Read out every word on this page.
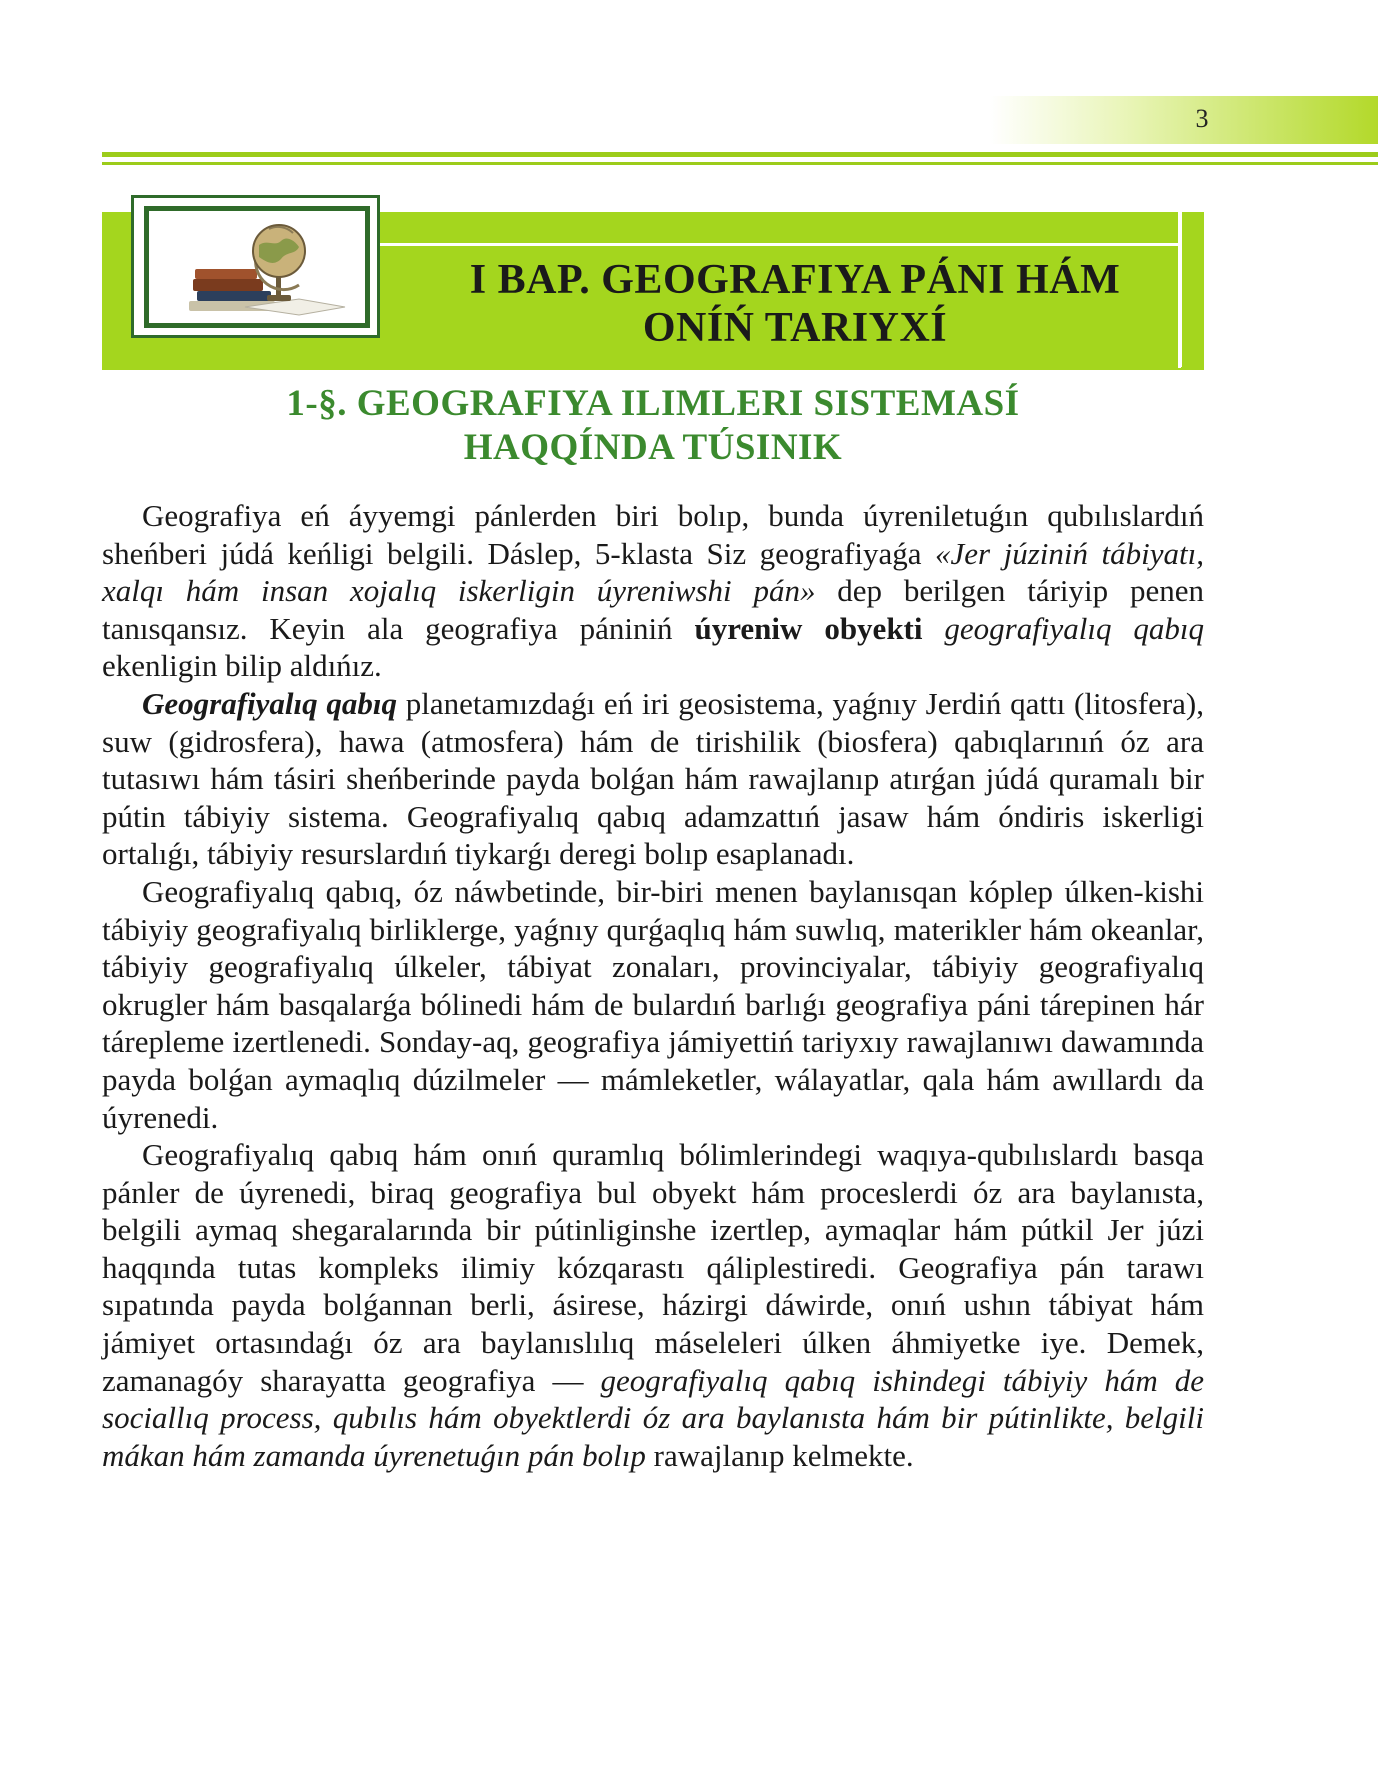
3
I BAP. GEOGRAFIYA PÁNI HÁM
ONÍŃ TARIYXÍ
1-§. GEOGRAFIYA ILIMLERI SISTEMASÍ
HAQQÍNDA TÚSINIK

Geografiya eń áyyemgi pánlerden biri bolıp, bunda úyreniletuǵın qubılıslardıń sheńberi júdá keńligi belgili. Dáslep, 5-klasta Siz geografiyaǵa «Jer júziniń tábiyatı, xalqı hám insan xojalıq iskerligin úyreniwshi pán» dep berilgen táriyip penen tanısqansız. Keyin ala geografiya pániniń úyreniw obyekti geografiyalıq qabıq ekenligin bilip aldıńız.

Geografiyalıq qabıq planetamızdaǵı eń iri geosistema, yaǵnıy Jerdiń qattı (litosfera), suw (gidrosfera), hawa (atmosfera) hám de tirishilik (biosfera) qabıqlarınıń óz ara tutasıwı hám tásiri sheńberinde payda bolǵan hám rawajlanıp atırǵan júdá quramalı bir pútin tábiyiy sistema. Geografiyalıq qabıq adamzattıń jasaw hám óndiris iskerligi ortalıǵı, tábiyiy resurslardıń tiykarǵı deregi bolıp esaplanadı.

Geografiyalıq qabıq, óz náwbetinde, bir-biri menen baylanısqan kóplep úlken-kishi tábiyiy geografiyalıq birliklerge, yaǵnıy qurǵaqlıq hám suwlıq, materikler hám okeanlar, tábiyiy geografiyalıq úlkeler, tábiyat zonaları, provinciyalar, tábiyiy geografiyalıq okrugler hám basqalarǵa bólinedi hám de bulardıń barlıǵı geografiya páni tárepinen hár tárepleme izertlenedi. Sonday-aq, geografiya jámiyettiń tariyxıy rawajlanıwı dawamında payda bolǵan aymaqlıq dúzilmeler — mámleketler, wálayatlar, qala hám awıllardı da úyrenedi.

Geografiyalıq qabıq hám onıń quramlıq bólimlerindegi waqıya-qubılıslardı basqa pánler de úyrenedi, biraq geografiya bul obyekt hám proceslerdi óz ara baylanısta, belgili aymaq shegaralarında bir pútinliginshe izertlep, aymaqlar hám pútkil Jer júzi haqqında tutas kompleks ilimiy kózqarastı qáliplestiredi. Geografiya pán tarawı sıpatında payda bolǵannan berli, ásirese, házirgi dáwirde, onıń ushın tábiyat hám jámiyet ortasındaǵı óz ara baylanıslılıq máseleleri úlken áhmiyetke iye. Demek, zamanagóy sharayatta geografiya — geografiyalıq qabıq ishindegi tábiyiy hám de sociallıq process, qubılıs hám obyektlerdi óz ara baylanısta hám bir pútinlikte, belgili mákan hám zamanda úyrenetuǵın pán bolıp rawajlanıp kelmekte.
